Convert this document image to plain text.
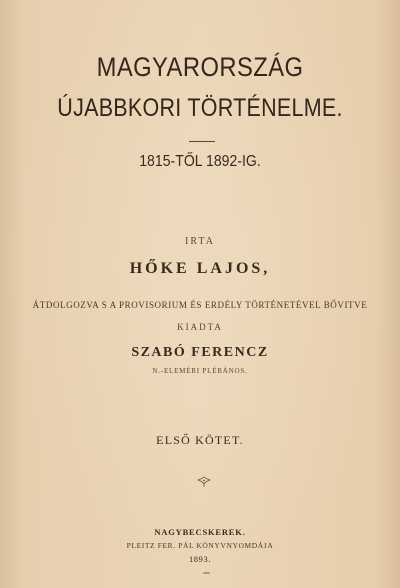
MAGYARORSZÁG
ÚJABBKORI TÖRTÉNELME.
1815-TŐL 1892-IG.
IRTA
HŐKE LAJOS,
ÁTDOLGOZVA S A PROVISORIUM ÉS ERDÉLY TÖRTÉNETÉVEL BŐVITVE
KIADTA
SZABÓ FERENCZ
N.-ELEMÉRI PLÉBÁNOS.
ELSŐ KÖTET.
NAGYBECSKEREK.
PLEITZ FER. PÁL KÖNYVNYOMDÁJA
1893.
